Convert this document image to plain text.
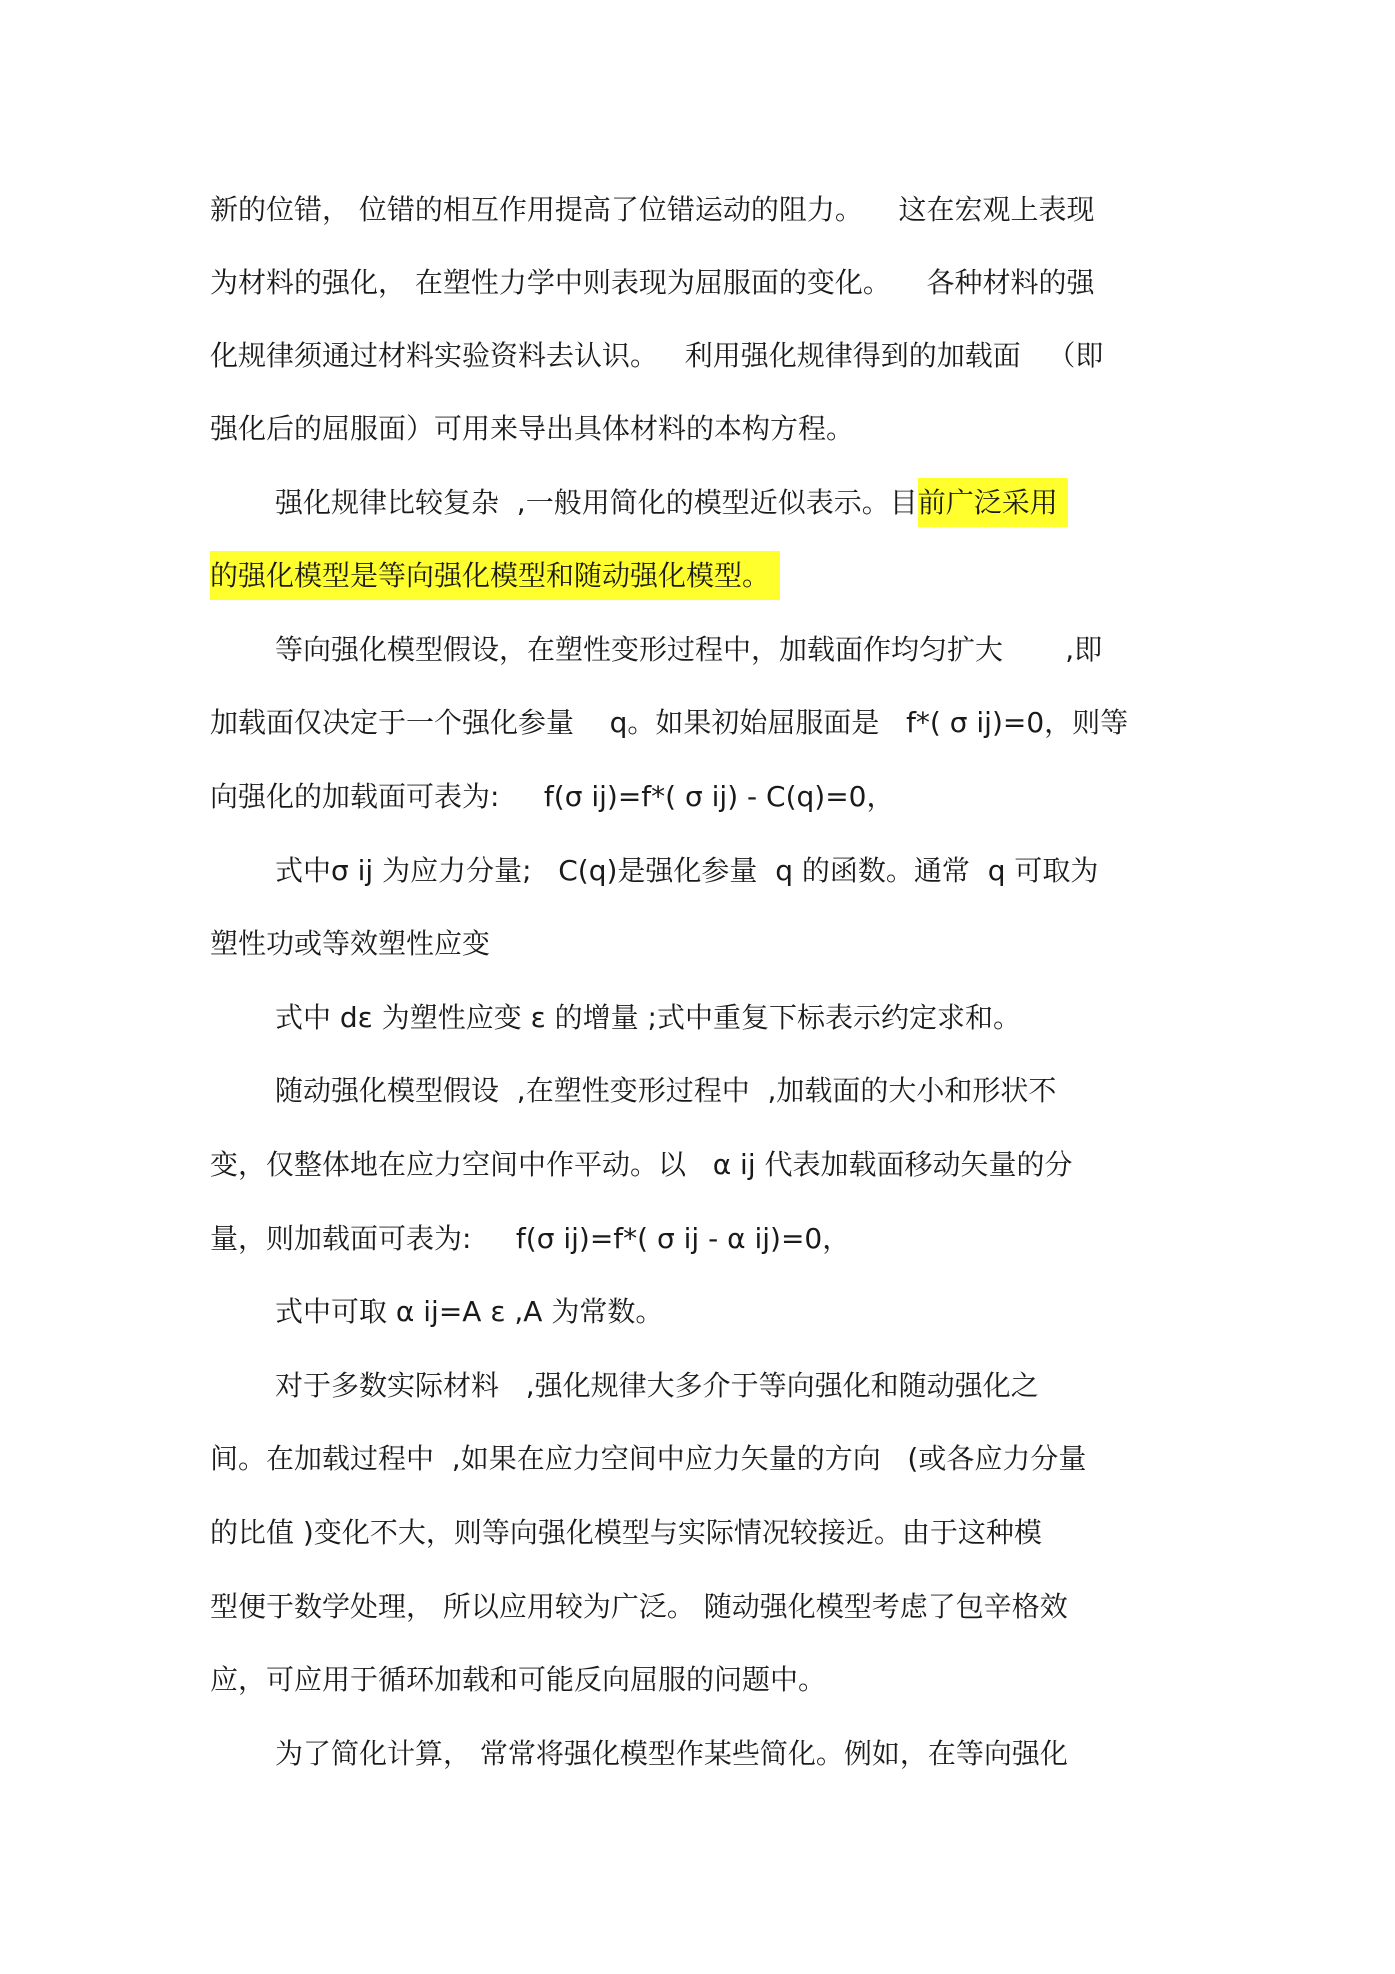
新的位错， 位错的相互作用提高了位错运动的阻力。    这在宏观上表现
为材料的强化， 在塑性力学中则表现为屈服面的变化。    各种材料的强
化规律须通过材料实验资料去认识。   利用强化规律得到的加载面   （即
强化后的屈服面）可用来导出具体材料的本构方程。
强化规律比较复杂  ,一般用简化的模型近似表示。目前广泛采用
的强化模型是等向强化模型和随动强化模型。
等向强化模型假设，在塑性变形过程中，加载面作均匀扩大       ,即
加载面仅决定于一个强化参量    q。如果初始屈服面是   f*( σ ij)=0，则等
向强化的加载面可表为:     f(σ ij)=f*( σ ij) - C(q)=0，
式中σ ij 为应力分量;   C(q)是强化参量  q 的函数。通常  q 可取为
塑性功或等效塑性应变
式中 dε 为塑性应变 ε 的增量 ;式中重复下标表示约定求和。
随动强化模型假设  ,在塑性变形过程中  ,加载面的大小和形状不
变，仅整体地在应力空间中作平动。以   α ij 代表加载面移动矢量的分
量，则加载面可表为:     f(σ ij)=f*( σ ij - α ij)=0，
式中可取 α ij=A ε ,A 为常数。
对于多数实际材料   ,强化规律大多介于等向强化和随动强化之
间。在加载过程中  ,如果在应力空间中应力矢量的方向   (或各应力分量
的比值 )变化不大，则等向强化模型与实际情况较接近。由于这种模
型便于数学处理， 所以应用较为广泛。 随动强化模型考虑了包辛格效
应，可应用于循环加载和可能反向屈服的问题中。
为了简化计算， 常常将强化模型作某些简化。例如，在等向强化
